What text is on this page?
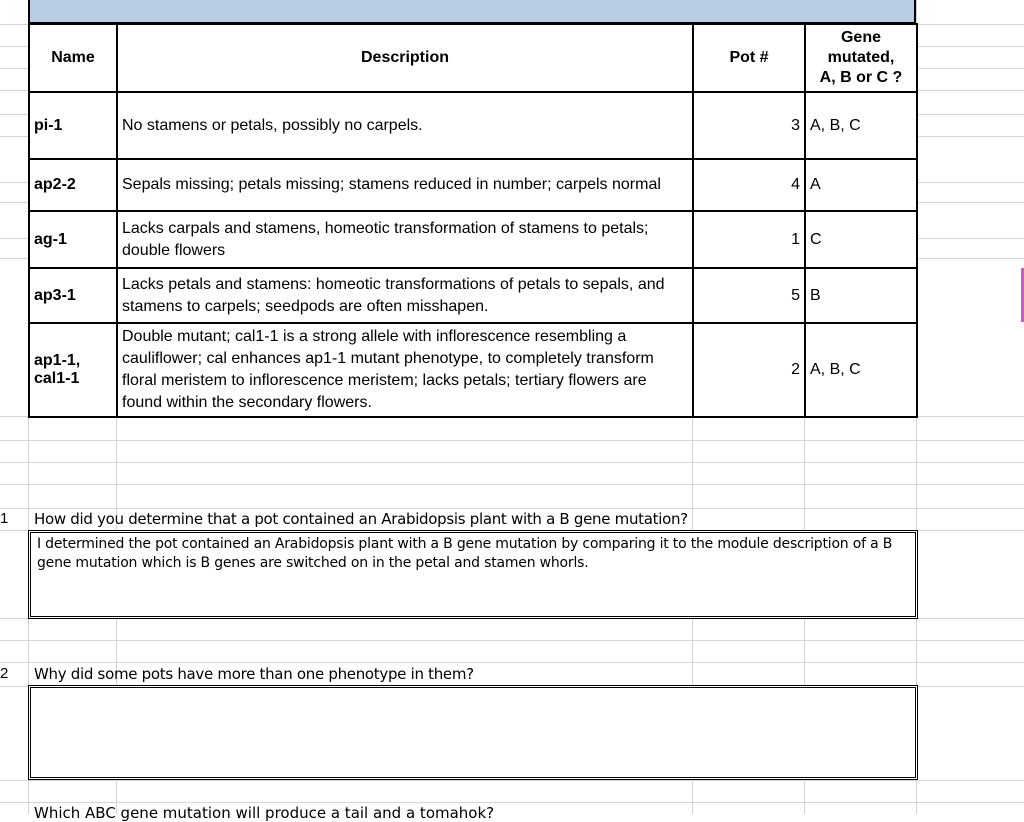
Name	Description	Pot #	Gene
mutated,
A, B or C ?
pi-1	No stamens or petals, possibly no carpels.	3	A, B, C
ap2-2	Sepals missing; petals missing; stamens reduced in number; carpels normal	4	A
ag-1	Lacks carpals and stamens, homeotic transformation of stamens to petals; double flowers	1	C
ap3-1	Lacks petals and stamens: homeotic transformations of petals to sepals, and stamens to carpels; seedpods are often misshapen.	5	B
ap1-1, cal1-1	Double mutant; cal1-1 is a strong allele with inflorescence resembling a cauliflower; cal enhances ap1-1 mutant phenotype, to completely transform floral meristem to inflorescence meristem; lacks petals; tertiary flowers are found within the secondary flowers.	2	A, B, C
1 How did you determine that a pot contained an Arabidopsis plant with a B gene mutation?
I determined the pot contained an Arabidopsis plant with a B gene mutation by comparing it to the module description of a B gene mutation which is B genes are switched on in the petal and stamen whorls.
2 Why did some pots have more than one phenotype in them?
Which ABC gene mutation will produce a tail and a tomahok?
